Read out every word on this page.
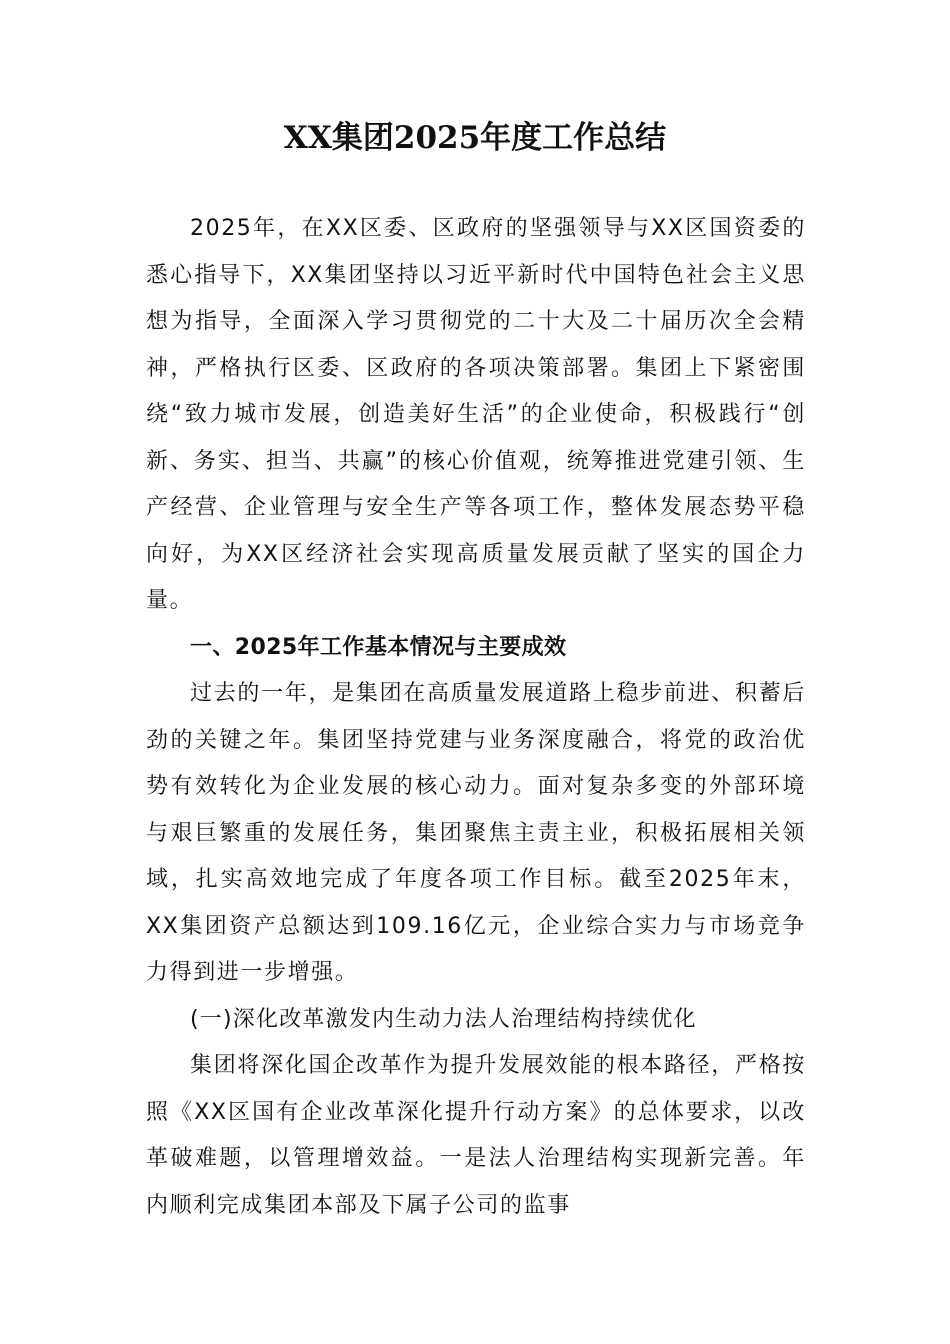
XX集团2025年度工作总结

2025年，在XX区委、区政府的坚强领导与XX区国资委的悉心指导下，XX集团坚持以习近平新时代中国特色社会主义思想为指导，全面深入学习贯彻党的二十大及二十届历次全会精神，严格执行区委、区政府的各项决策部署。集团上下紧密围绕“致力城市发展，创造美好生活”的企业使命，积极践行“创新、务实、担当、共赢”的核心价值观，统筹推进党建引领、生产经营、企业管理与安全生产等各项工作，整体发展态势平稳向好，为XX区经济社会实现高质量发展贡献了坚实的国企力量。

一、2025年工作基本情况与主要成效

过去的一年，是集团在高质量发展道路上稳步前进、积蓄后劲的关键之年。集团坚持党建与业务深度融合，将党的政治优势有效转化为企业发展的核心动力。面对复杂多变的外部环境与艰巨繁重的发展任务，集团聚焦主责主业，积极拓展相关领域，扎实高效地完成了年度各项工作目标。截至2025年末，XX集团资产总额达到109.16亿元，企业综合实力与市场竞争力得到进一步增强。

(一)深化改革激发内生动力法人治理结构持续优化

集团将深化国企改革作为提升发展效能的根本路径，严格按照《XX区国有企业改革深化提升行动方案》的总体要求，以改革破难题，以管理增效益。一是法人治理结构实现新完善。年内顺利完成集团本部及下属子公司的监事
